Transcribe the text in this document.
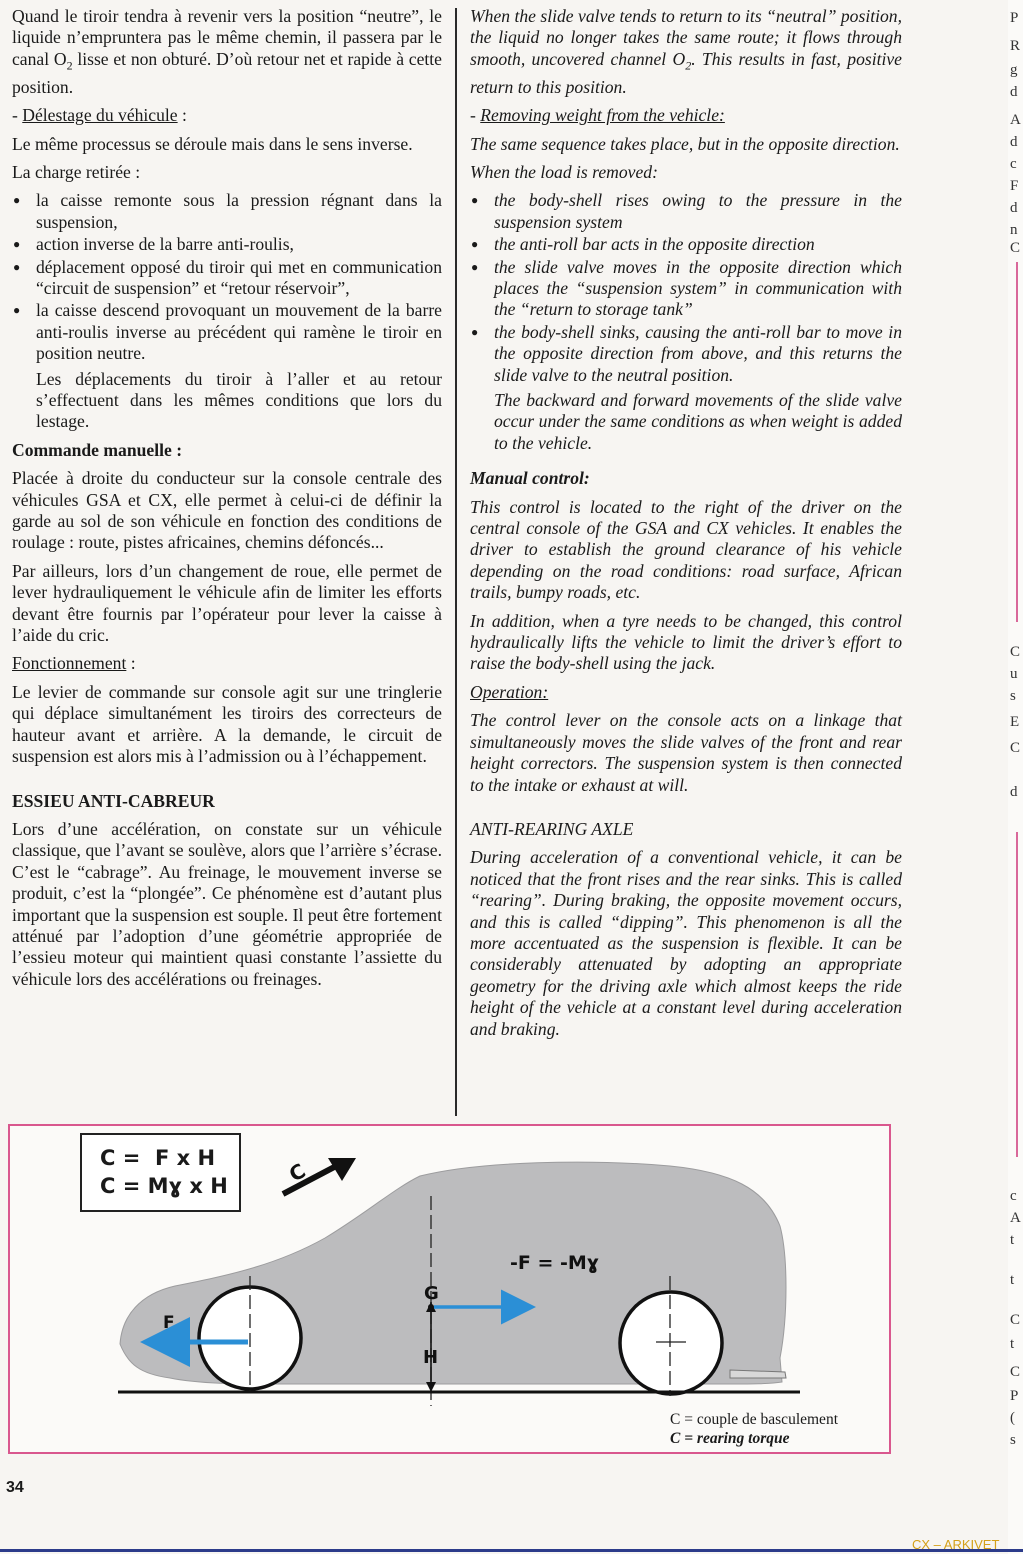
Quand le tiroir tendra à revenir vers la position “neutre”, le liquide n’empruntera pas le même chemin, il passera par le canal $O_2$ lisse et non obturé. D’où retour net et rapide à cette position.

- Délestage du véhicule :

Le même processus se déroule mais dans le sens inverse.

La charge retirée :

● la caisse remonte sous la pression régnant dans la suspension,
● action inverse de la barre anti-roulis,
● déplacement opposé du tiroir qui met en communication “circuit de suspension” et “retour réservoir”,
● la caisse descend provoquant un mouvement de la barre anti-roulis inverse au précédent qui ramène le tiroir en position neutre.

Les déplacements du tiroir à l’aller et au retour s’effectuent dans les mêmes conditions que lors du lestage.

Commande manuelle :

Placée à droite du conducteur sur la console centrale des véhicules GSA et CX, elle permet à celui-ci de définir la garde au sol de son véhicule en fonction des conditions de roulage : route, pistes africaines, chemins défoncés...

Par ailleurs, lors d’un changement de roue, elle permet de lever hydrauliquement le véhicule afin de limiter les efforts devant être fournis par l’opérateur pour lever la caisse à l’aide du cric.

Fonctionnement :

Le levier de commande sur console agit sur une tringlerie qui déplace simultanément les tiroirs des correcteurs de hauteur avant et arrière. A la demande, le circuit de suspension est alors mis à l’admission ou à l’échappement.

ESSIEU ANTI-CABREUR

Lors d’une accélération, on constate sur un véhicule classique, que l’avant se soulève, alors que l’arrière s’écrase. C’est le “cabrage”. Au freinage, le mouvement inverse se produit, c’est la “plongée”. Ce phénomène est d’autant plus important que la suspension est souple. Il peut être fortement atténué par l’adoption d’une géométrie appropriée de l’essieu moteur qui maintient quasi constante l’assiette du véhicule lors des accélérations ou freinages.

When the slide valve tends to return to its “neutral” position, the liquid no longer takes the same route; it flows through smooth, uncovered channel $O_2$. This results in fast, positive return to this position.

- Removing weight from the vehicle:

The same sequence takes place, but in the opposite direction.

When the load is removed:

● the body-shell rises owing to the pressure in the suspension system
● the anti-roll bar acts in the opposite direction
● the slide valve moves in the opposite direction which places the “suspension system” in communication with the “return to storage tank”
● the body-shell sinks, causing the anti-roll bar to move in the opposite direction from above, and this returns the slide valve to the neutral position.

The backward and forward movements of the slide valve occur under the same conditions as when weight is added to the vehicle.

Manual control:

This control is located to the right of the driver on the central console of the GSA and CX vehicles. It enables the driver to establish the ground clearance of his vehicle depending on the road conditions: road surface, African trails, bumpy roads, etc.

In addition, when a tyre needs to be changed, this control hydraulically lifts the vehicle to limit the driver’s effort to raise the body-shell using the jack.

Operation:

The control lever on the console acts on a linkage that simultaneously moves the slide valves of the front and rear height correctors. The suspension system is then connected to the intake or exhaust at will.

ANTI-REARING AXLE

During acceleration of a conventional vehicle, it can be noticed that the front rises and the rear sinks. This is called “rearing”. During braking, the opposite movement occurs, and this is called “dipping”. This phenomenon is all the more accentuated as the suspension is flexible. It can be considerably attenuated by adopting an appropriate geometry for the driving axle which almost keeps the ride height of the vehicle at a constant level during acceleration and braking.

P
R
g
d
A
d
c
F
d
n
C
C
u
s
E
C
d
c
A
t
t
C
t
C
P
(
s
C =  F x H
C = Mɣ x H	C
F
G
H
-F = -Mɣ
C = couple de basculement
C = rearing torque
34
CX – ARKIVET
